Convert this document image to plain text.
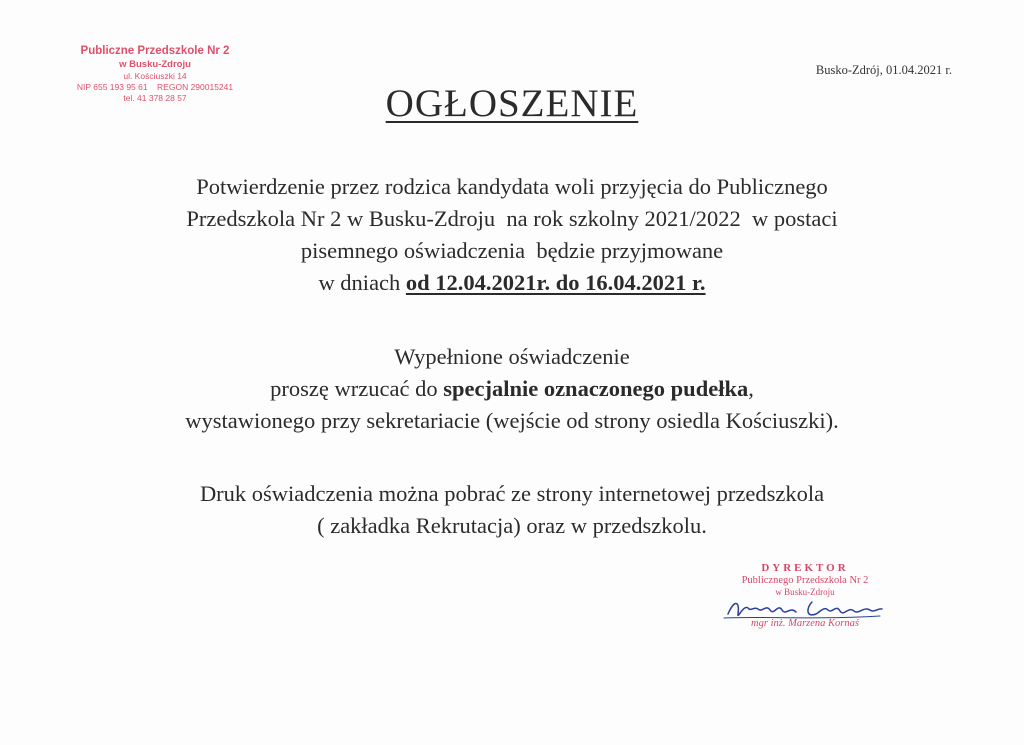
Publiczne Przedszkole Nr 2
w Busku-Zdroju
ul. Kościuszki 14
NIP 655 193 95 61    REGON 290015241
tel. 41 378 28 57
Busko-Zdrój, 01.04.2021 r.
OGŁOSZENIE
Potwierdzenie przez rodzica kandydata woli przyjęcia do Publicznego
Przedszkola Nr 2 w Busku-Zdroju  na rok szkolny 2021/2022  w postaci
pisemnego oświadczenia  będzie przyjmowane
w dniach od 12.04.2021r. do 16.04.2021 r.
Wypełnione oświadczenie
proszę wrzucać do specjalnie oznaczonego pudełka,
wystawionego przy sekretariacie (wejście od strony osiedla Kościuszki).
Druk oświadczenia można pobrać ze strony internetowej przedszkola
( zakładka Rekrutacja) oraz w przedszkolu.
DYREKTOR
Publicznego Przedszkola Nr 2
w Busku-Zdroju
mgr inż. Marzena Kornaś
